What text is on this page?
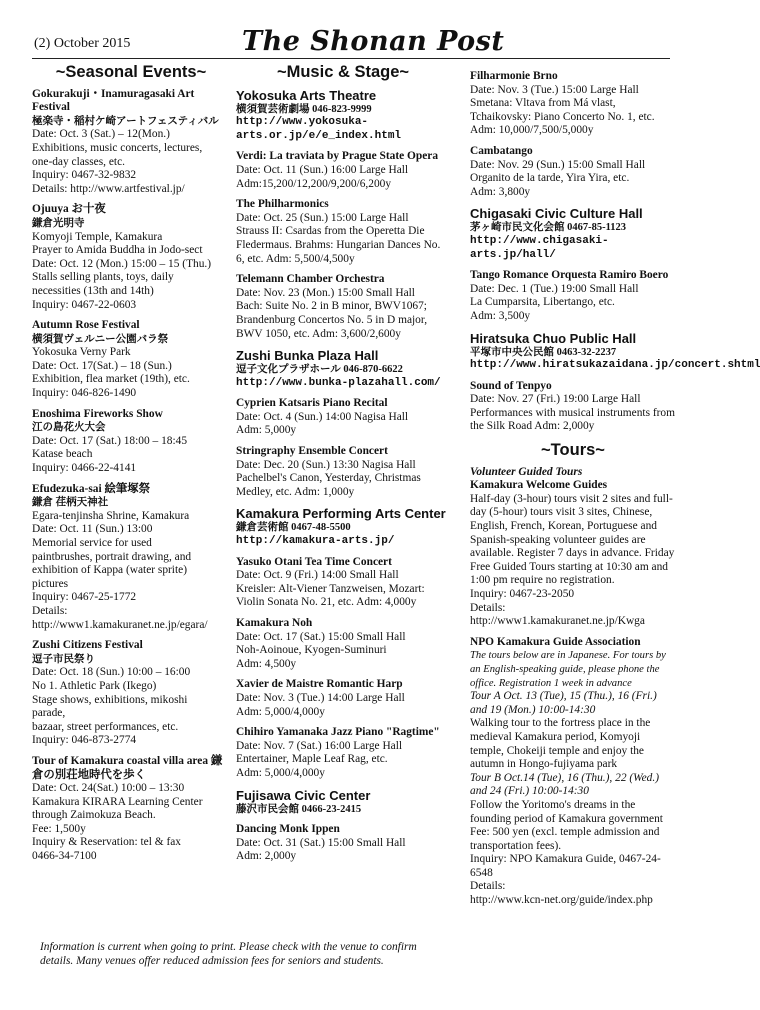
(2) October 2015	The Shonan Post
~Seasonal Events~
Gokurakuji・Inamuragasaki Art Festival
極楽寺・稲村ケ崎アートフェスティバル
Date: Oct. 3 (Sat.) – 12(Mon.)
Exhibitions, music concerts, lectures,
one-day classes, etc.
Inquiry: 0467-32-9832
Details: http://www.artfestival.jp/
Ojuuya お十夜
鎌倉光明寺
Komyoji Temple, Kamakura
Prayer to Amida Buddha in Jodo-sect
Date: Oct. 12 (Mon.) 15:00 – 15 (Thu.)
Stalls selling plants, toys, daily
necessities (13th and 14th)
Inquiry: 0467-22-0603
Autumn Rose Festival
横須賀ヴェルニー公園バラ祭
Yokosuka Verny Park
Date: Oct. 17(Sat.) – 18 (Sun.)
Exhibition, flea market (19th), etc.
Inquiry: 046-826-1490
Enoshima Fireworks Show
江の島花火大会
Date: Oct. 17 (Sat.) 18:00 – 18:45
Katase beach
Inquiry: 0466-22-4141
Efudezuka-sai 絵筆塚祭
鎌倉 荏柄天神社
Egara-tenjinsha Shrine, Kamakura
Date: Oct. 11 (Sun.) 13:00
Memorial service for used
paintbrushes, portrait drawing, and
exhibition of Kappa (water sprite)
pictures
Inquiry: 0467-25-1772
Details:
http://www1.kamakuranet.ne.jp/egara/
Zushi Citizens Festival
逗子市民祭り
Date: Oct. 18 (Sun.) 10:00 – 16:00
No 1. Athletic Park (Ikego)
Stage shows, exhibitions, mikoshi
parade,
bazaar, street performances, etc.
Inquiry: 046-873-2774
Tour of Kamakura coastal villa area 鎌倉の別荘地時代を歩く
Date: Oct. 24(Sat.) 10:00 – 13:30
Kamakura KIRARA Learning Center
through Zaimokuza Beach.
Fee: 1,500y
Inquiry & Reservation: tel & fax
0466-34-7100
~Music & Stage~
Yokosuka Arts Theatre
横須賀芸術劇場 046-823-9999
http://www.yokosuka-arts.or.jp/e/e_index.html
Verdi: La traviata by Prague State Opera
Date: Oct. 11 (Sun.) 16:00 Large Hall
Adm:15,200/12,200/9,200/6,200y
The Philharmonics
Date: Oct. 25 (Sun.) 15:00 Large Hall
Strauss II: Csardas from the Operetta Die Fledermaus. Brahms: Hungarian Dances No. 6, etc. Adm: 5,500/4,500y
Telemann Chamber Orchestra
Date: Nov. 23 (Mon.) 15:00 Small Hall
Bach: Suite No. 2 in B minor, BWV1067; Brandenburg Concertos No. 5 in D major, BWV 1050, etc. Adm: 3,600/2,600y
Zushi Bunka Plaza Hall
逗子文化プラザホール 046-870-6622
http://www.bunka-plazahall.com/
Cyprien Katsaris Piano Recital
Date: Oct. 4 (Sun.) 14:00 Nagisa Hall
Adm: 5,000y
Stringraphy Ensemble Concert
Date: Dec. 20 (Sun.) 13:30 Nagisa Hall
Pachelbel's Canon, Yesterday, Christmas Medley, etc. Adm: 1,000y
Kamakura Performing Arts Center
鎌倉芸術館 0467-48-5500
http://kamakura-arts.jp/
Yasuko Otani Tea Time Concert
Date: Oct. 9 (Fri.) 14:00 Small Hall
Kreisler: Alt-Viener Tanzweisen, Mozart: Violin Sonata No. 21, etc. Adm: 4,000y
Kamakura Noh
Date: Oct. 17 (Sat.) 15:00 Small Hall
Noh-Aoinoue, Kyogen-Suminuri
Adm: 4,500y
Xavier de Maistre Romantic Harp
Date: Nov. 3 (Tue.) 14:00 Large Hall
Adm: 5,000/4,000y
Chihiro Yamanaka Jazz Piano "Ragtime"
Date: Nov. 7 (Sat.) 16:00 Large Hall Entertainer, Maple Leaf Rag, etc.
Adm: 5,000/4,000y
Fujisawa Civic Center
藤沢市民会館 0466-23-2415
Dancing Monk Ippen
Date: Oct. 31 (Sat.) 15:00 Small Hall
Adm: 2,000y
Filharmonie Brno
Date: Nov. 3 (Tue.) 15:00 Large Hall
Smetana: Vltava from Má vlast, Tchaikovsky: Piano Concerto No. 1, etc.
Adm: 10,000/7,500/5,000y
Cambatango
Date: Nov. 29 (Sun.) 15:00 Small Hall
Organito de la tarde, Yira Yira, etc.
Adm: 3,800y
Chigasaki Civic Culture Hall
茅ヶ崎市民文化会館 0467-85-1123
http://www.chigasaki-arts.jp/hall/
Tango Romance Orquesta Ramiro Boero
Date: Dec. 1 (Tue.) 19:00 Small Hall
La Cumparsita, Libertango, etc.
Adm: 3,500y
Hiratsuka Chuo Public Hall
平塚市中央公民館 0463-32-2237
http://www.hiratsukazaidana.jp/concert.shtml
Sound of Tenpyo
Date: Nov. 27 (Fri.) 19:00 Large Hall
Performances with musical instruments from the Silk Road Adm: 2,000y
~Tours~
Volunteer Guided Tours
Kamakura Welcome Guides
Half-day (3-hour) tours visit 2 sites and full-day (5-hour) tours visit 3 sites, Chinese, English, French, Korean, Portuguese and Spanish-speaking volunteer guides are available. Register 7 days in advance. Friday Free Guided Tours starting at 10:30 am and 1:00 pm require no registration.
Inquiry: 0467-23-2050
Details:
http://www1.kamakuranet.ne.jp/Kwga
NPO Kamakura Guide Association
The tours below are in Japanese. For tours by an English-speaking guide, please phone the office. Registration 1 week in advance
Tour A Oct. 13 (Tue), 15 (Thu.), 16 (Fri.) and 19 (Mon.) 10:00-14:30
Walking tour to the fortress place in the medieval Kamakura period, Komyoji temple, Chokeiji temple and enjoy the autumn in Hongo-fujiyama park
Tour B Oct.14 (Tue), 16 (Thu.), 22 (Wed.) and 24 (Fri.) 10:00-14:30
Follow the Yoritomo's dreams in the founding period of Kamakura government Fee: 500 yen (excl. temple admission and transportation fees).
Inquiry: NPO Kamakura Guide, 0467-24-6548
Details:
http://www.kcn-net.org/guide/index.php
Information is current when going to print. Please check with the venue to confirm details. Many venues offer reduced admission fees for seniors and students.
